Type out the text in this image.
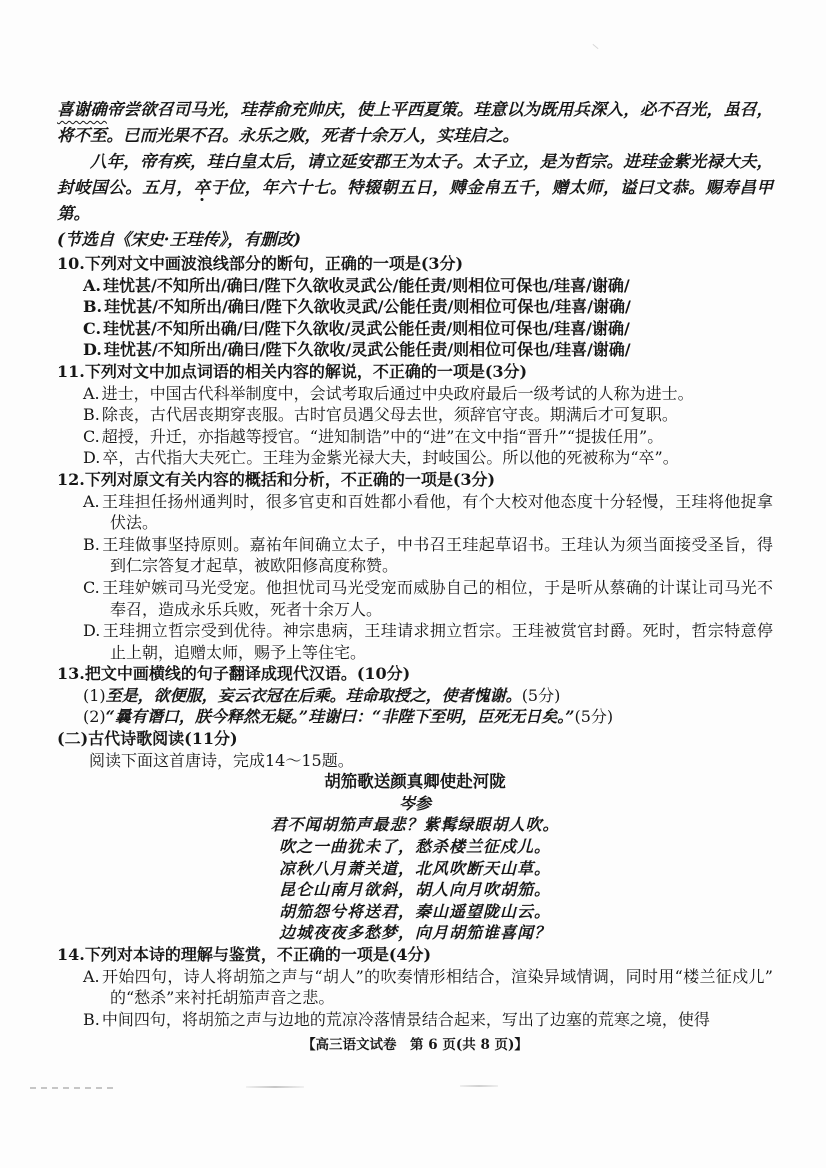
喜谢确帝尝欲召司马光，珪荐俞充帅庆，使上平西夏策。珪意以为既用兵深入，必不召光，虽召，将不至。已而光果不召。永乐之败，死者十余万人，实珪启之。

八年，帝有疾，珪白皇太后，请立延安郡王为太子。太子立，是为哲宗。进珪金紫光禄大夫，封岐国公。五月，卒于位，年六十七。特辍朝五日，赙金帛五千，赠太师，谥曰文恭。赐寿昌甲第。

(节选自《宋史·王珪传》，有删改)

10.下列对文中画波浪线部分的断句，正确的一项是(3分)

A. 珪忧甚/不知所出/确曰/陛下久欲收灵武公/能任责/则相位可保也/珪喜/谢确/

B. 珪忧甚/不知所出/确曰/陛下久欲收灵武/公能任责/则相位可保也/珪喜/谢确/

C. 珪忧甚/不知所出确/曰/陛下久欲收/灵武公能任责/则相位可保也/珪喜/谢确/

D. 珪忧甚/不知所出/确曰/陛下久欲收/灵武公能任责/则相位可保也/珪喜/谢确/

11.下列对文中加点词语的相关内容的解说，不正确的一项是(3分)

A. 进士，中国古代科举制度中，会试考取后通过中央政府最后一级考试的人称为进士。

B. 除丧，古代居丧期穿丧服。古时官员遇父母去世，须辞官守丧。期满后才可复职。

C. 超授，升迁，亦指越等授官。“进知制诰”中的“进”在文中指“晋升”“提拔任用”。

D. 卒，古代指大夫死亡。王珪为金紫光禄大夫，封岐国公。所以他的死被称为“卒”。

12.下列对原文有关内容的概括和分析，不正确的一项是(3分)

A. 王珪担任扬州通判时，很多官吏和百姓都小看他，有个大校对他态度十分轻慢，王珪将他捉拿伏法。

B. 王珪做事坚持原则。嘉祐年间确立太子，中书召王珪起草诏书。王珪认为须当面接受圣旨，得到仁宗答复才起草，被欧阳修高度称赞。

C. 王珪妒嫉司马光受宠。他担忧司马光受宠而威胁自己的相位，于是听从蔡确的计谋让司马光不奉召，造成永乐兵败，死者十余万人。

D. 王珪拥立哲宗受到优待。神宗患病，王珪请求拥立哲宗。王珪被赏官封爵。死时，哲宗特意停止上朝，追赠太师，赐予上等住宅。

13.把文中画横线的句子翻译成现代汉语。(10分)

(1)至是，欲便服，妄云衣冠在后乘。珪命取授之，使者愧谢。(5分)

(2)“曩有谮口，朕今释然无疑。”珪谢曰：“非陛下至明，臣死无日矣。”(5分)

(二)古代诗歌阅读(11分)

阅读下面这首唐诗，完成14～15题。

胡笳歌送颜真卿使赴河陇

岑参

君不闻胡笳声最悲？紫髯绿眼胡人吹。

吹之一曲犹未了，愁杀楼兰征戍儿。

凉秋八月萧关道，北风吹断天山草。

昆仑山南月欲斜，胡人向月吹胡笳。

胡笳怨兮将送君，秦山遥望陇山云。

边城夜夜多愁梦，向月胡笳谁喜闻？

14.下列对本诗的理解与鉴赏，不正确的一项是(4分)

A. 开始四句，诗人将胡笳之声与“胡人”的吹奏情形相结合，渲染异域情调，同时用“楼兰征戍儿”的“愁杀”来衬托胡笳声音之悲。

B. 中间四句，将胡笳之声与边地的荒凉冷落情景结合起来，写出了边塞的荒寒之境，使得

【高三语文试卷　第 6 页(共 8 页)】
